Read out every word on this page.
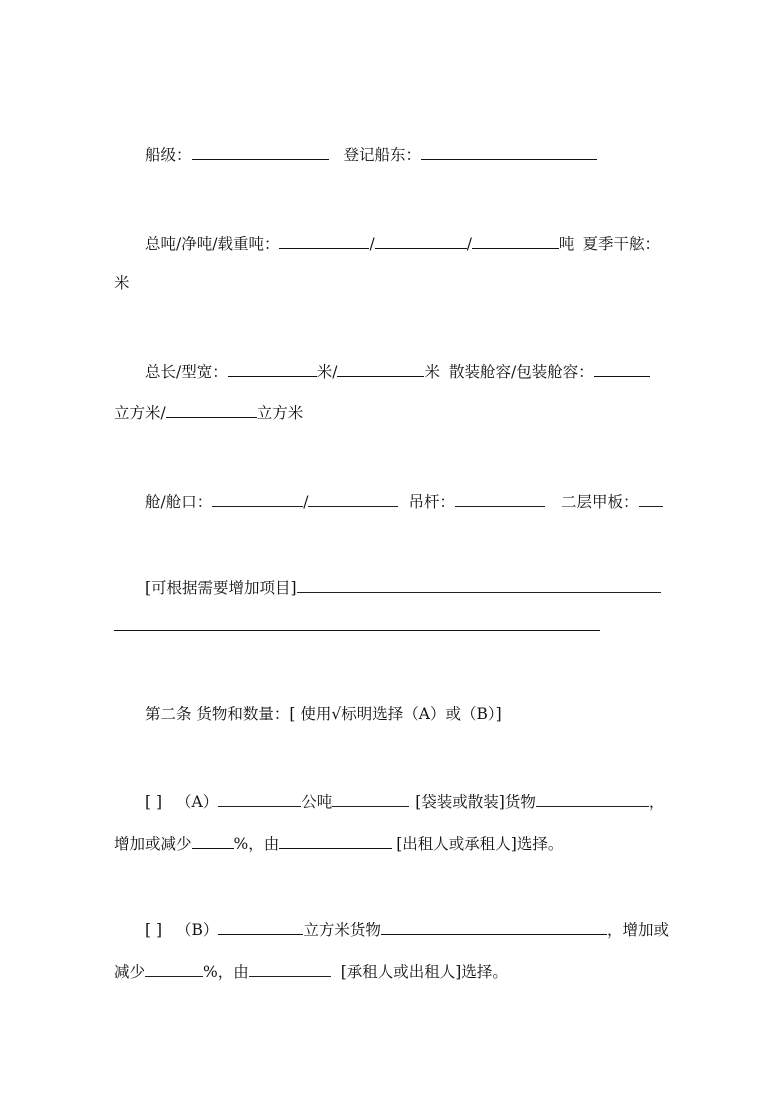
船级：	登记船东：
总吨/净吨/载重吨：	/	/	吨 夏季干舷：
米
总长/型宽：	米/	米 散装舱容/包装舱容：
立方米/	立方米
舱/舱口：	/	吊杆：	二层甲板：
[可根据需要增加项目]
第二条 货物和数量：[ 使用√标明选择（A）或（B）]
[ ] （A）	公吨	[袋装或散装]货物	，
增加或减少	%，由	[出租人或承租人]选择。
[ ] （B）	立方米货物	，增加或
减少	%，由	[承租人或出租人]选择。
